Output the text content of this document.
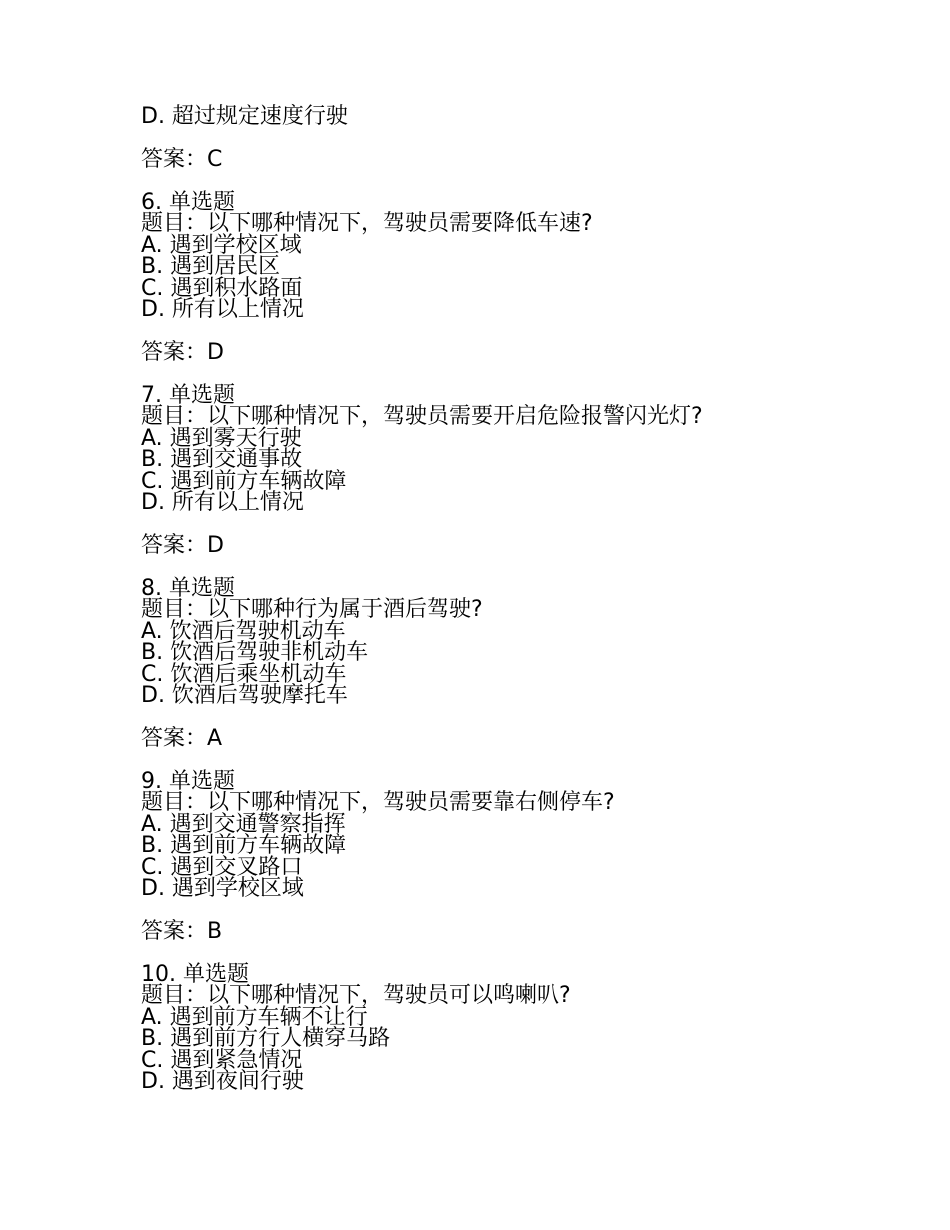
D. 超过规定速度行驶
答案：C
6. 单选题
题目：以下哪种情况下，驾驶员需要降低车速?
A. 遇到学校区域
B. 遇到居民区
C. 遇到积水路面
D. 所有以上情况
答案：D
7. 单选题
题目：以下哪种情况下，驾驶员需要开启危险报警闪光灯?
A. 遇到雾天行驶
B. 遇到交通事故
C. 遇到前方车辆故障
D. 所有以上情况
答案：D
8. 单选题
题目：以下哪种行为属于酒后驾驶?
A. 饮酒后驾驶机动车
B. 饮酒后驾驶非机动车
C. 饮酒后乘坐机动车
D. 饮酒后驾驶摩托车
答案：A
9. 单选题
题目：以下哪种情况下，驾驶员需要靠右侧停车?
A. 遇到交通警察指挥
B. 遇到前方车辆故障
C. 遇到交叉路口
D. 遇到学校区域
答案：B
10. 单选题
题目：以下哪种情况下，驾驶员可以鸣喇叭?
A. 遇到前方车辆不让行
B. 遇到前方行人横穿马路
C. 遇到紧急情况
D. 遇到夜间行驶
